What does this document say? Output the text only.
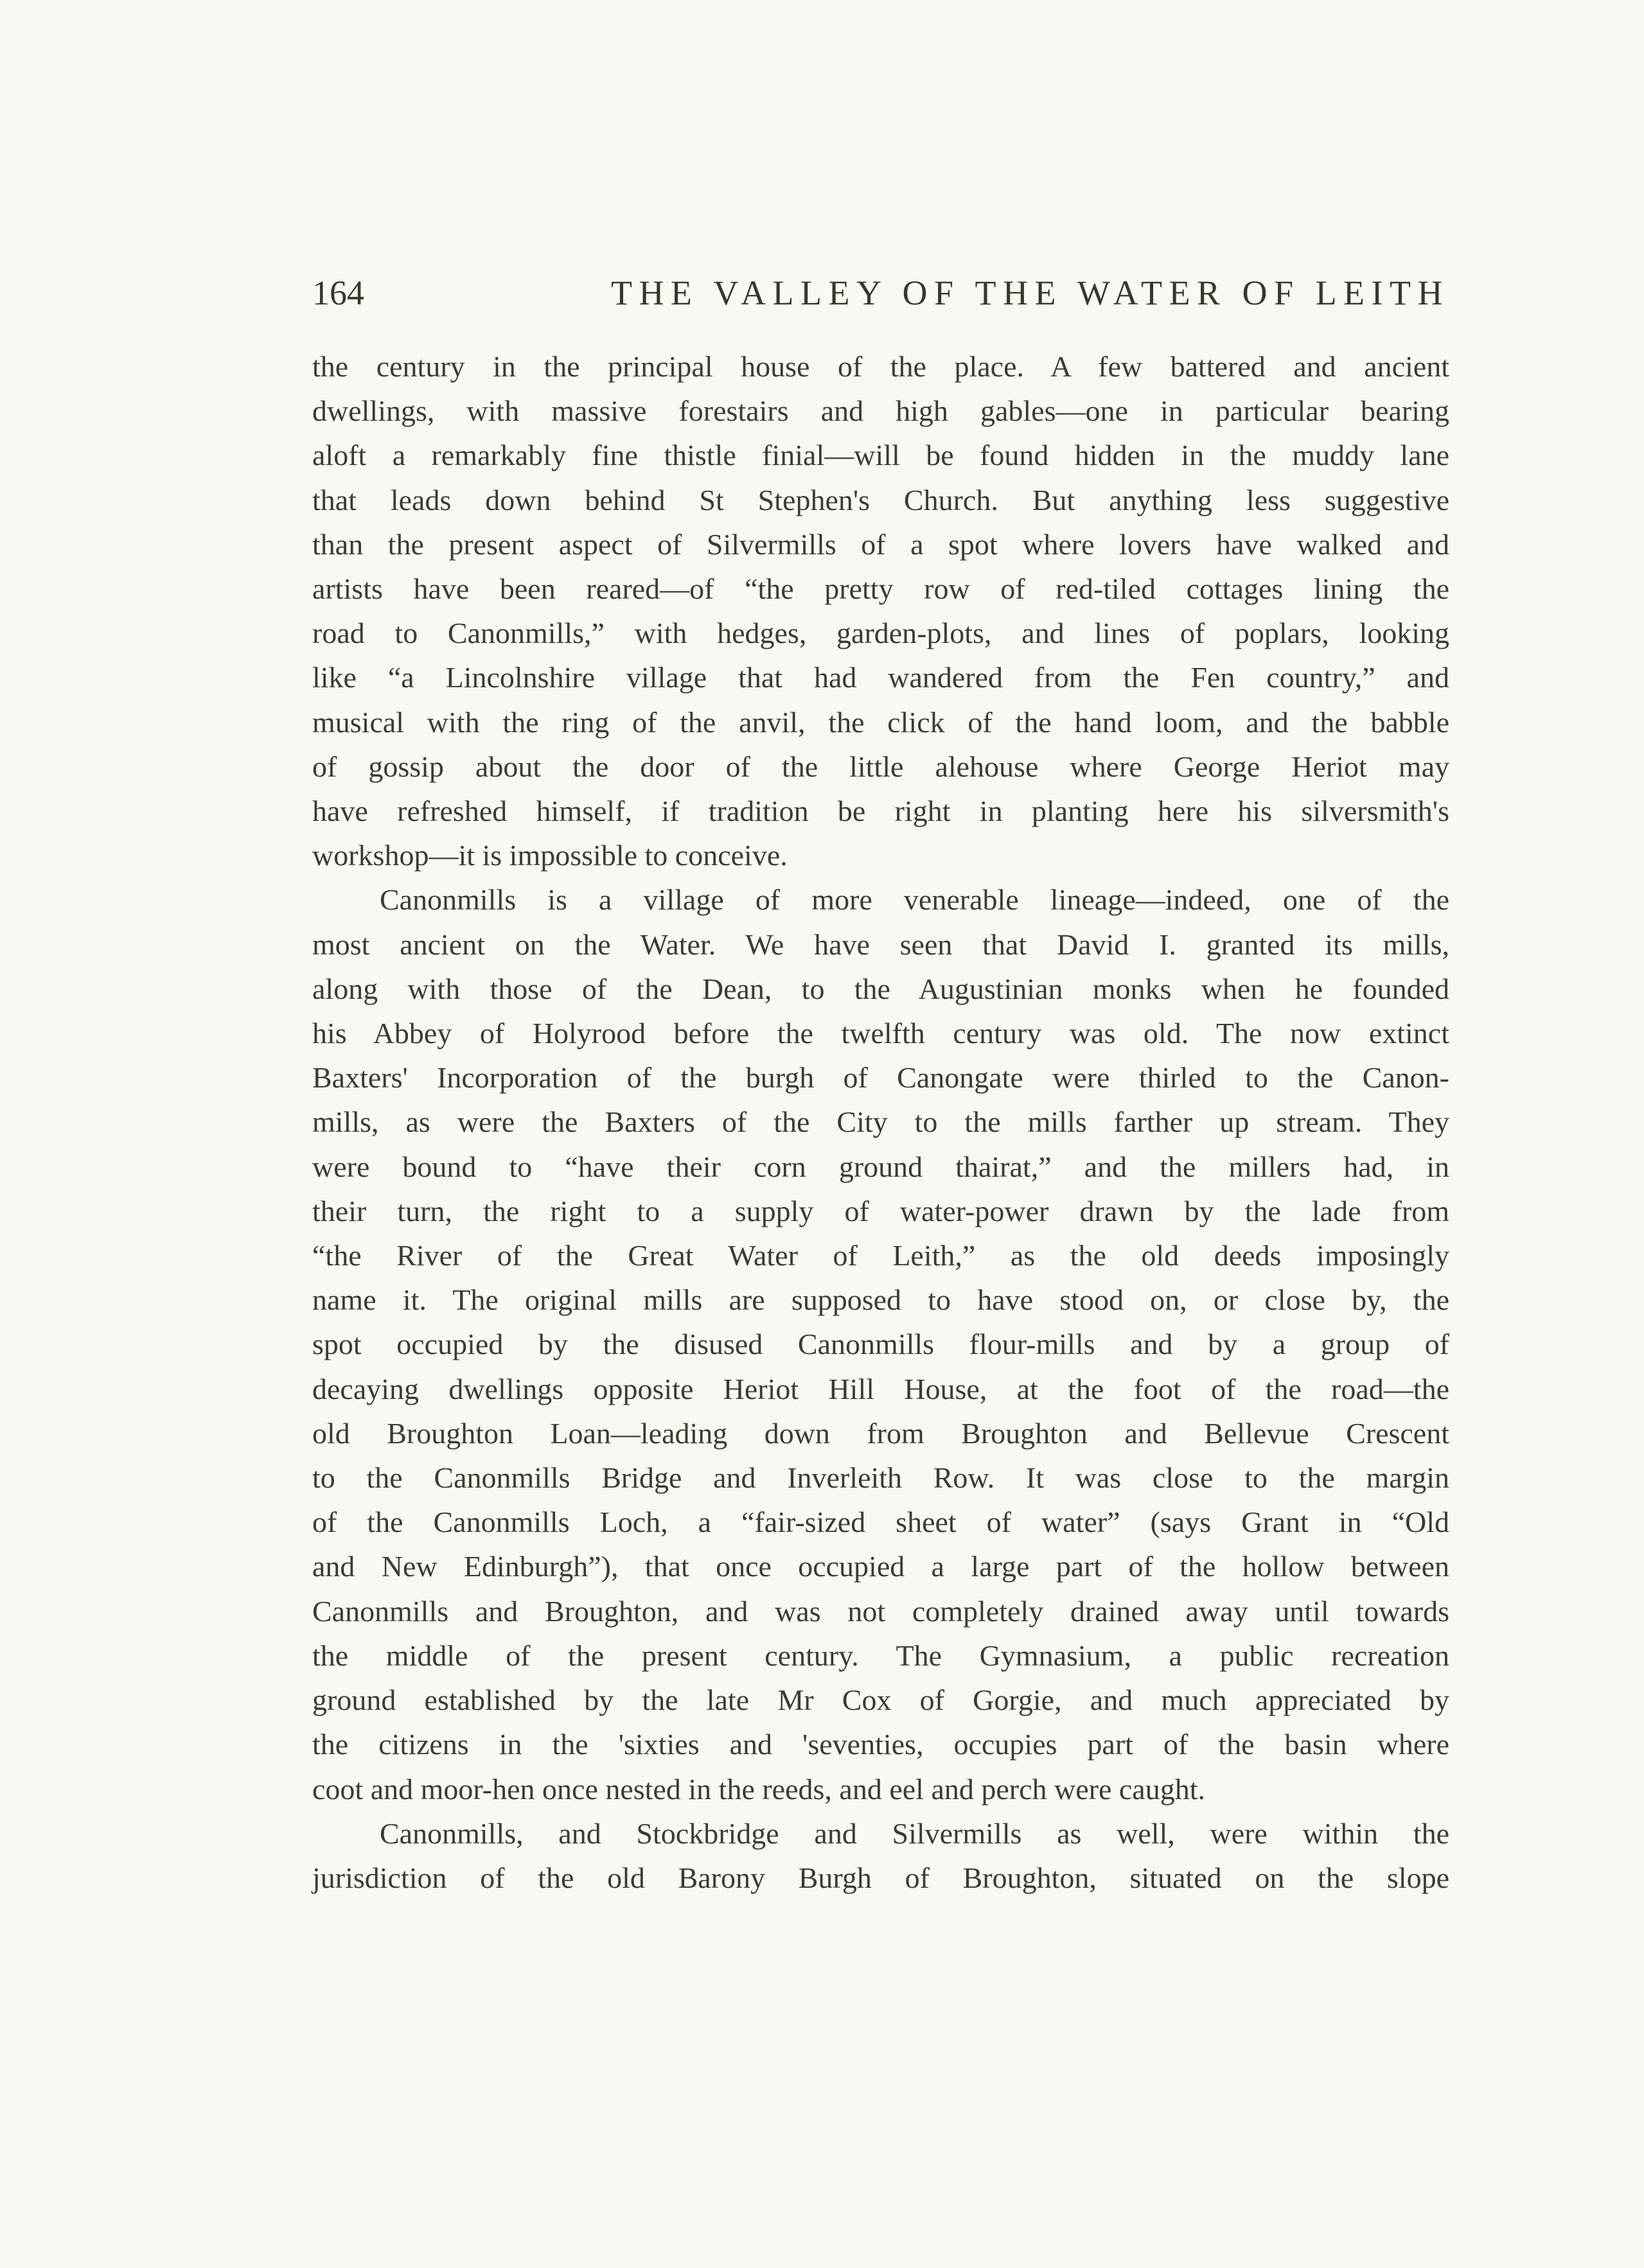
164	THE VALLEY OF THE WATER OF LEITH
the century in the principal house of the place. A few battered and ancient
dwellings, with massive forestairs and high gables—one in particular bearing
aloft a remarkably fine thistle finial—will be found hidden in the muddy lane
that leads down behind St Stephen's Church. But anything less suggestive
than the present aspect of Silvermills of a spot where lovers have walked and
artists have been reared—of “the pretty row of red-tiled cottages lining the
road to Canonmills,” with hedges, garden-plots, and lines of poplars, looking
like “a Lincolnshire village that had wandered from the Fen country,” and
musical with the ring of the anvil, the click of the hand loom, and the babble
of gossip about the door of the little alehouse where George Heriot may
have refreshed himself, if tradition be right in planting here his silversmith's
workshop—it is impossible to conceive.
Canonmills is a village of more venerable lineage—indeed, one of the
most ancient on the Water. We have seen that David I. granted its mills,
along with those of the Dean, to the Augustinian monks when he founded
his Abbey of Holyrood before the twelfth century was old. The now extinct
Baxters' Incorporation of the burgh of Canongate were thirled to the Canon-
mills, as were the Baxters of the City to the mills farther up stream. They
were bound to “have their corn ground thairat,” and the millers had, in
their turn, the right to a supply of water-power drawn by the lade from
“the River of the Great Water of Leith,” as the old deeds imposingly
name it. The original mills are supposed to have stood on, or close by, the
spot occupied by the disused Canonmills flour-mills and by a group of
decaying dwellings opposite Heriot Hill House, at the foot of the road—the
old Broughton Loan—leading down from Broughton and Bellevue Crescent
to the Canonmills Bridge and Inverleith Row. It was close to the margin
of the Canonmills Loch, a “fair-sized sheet of water” (says Grant in “Old
and New Edinburgh”), that once occupied a large part of the hollow between
Canonmills and Broughton, and was not completely drained away until towards
the middle of the present century. The Gymnasium, a public recreation
ground established by the late Mr Cox of Gorgie, and much appreciated by
the citizens in the 'sixties and 'seventies, occupies part of the basin where
coot and moor-hen once nested in the reeds, and eel and perch were caught.
Canonmills, and Stockbridge and Silvermills as well, were within the
jurisdiction of the old Barony Burgh of Broughton, situated on the slope
